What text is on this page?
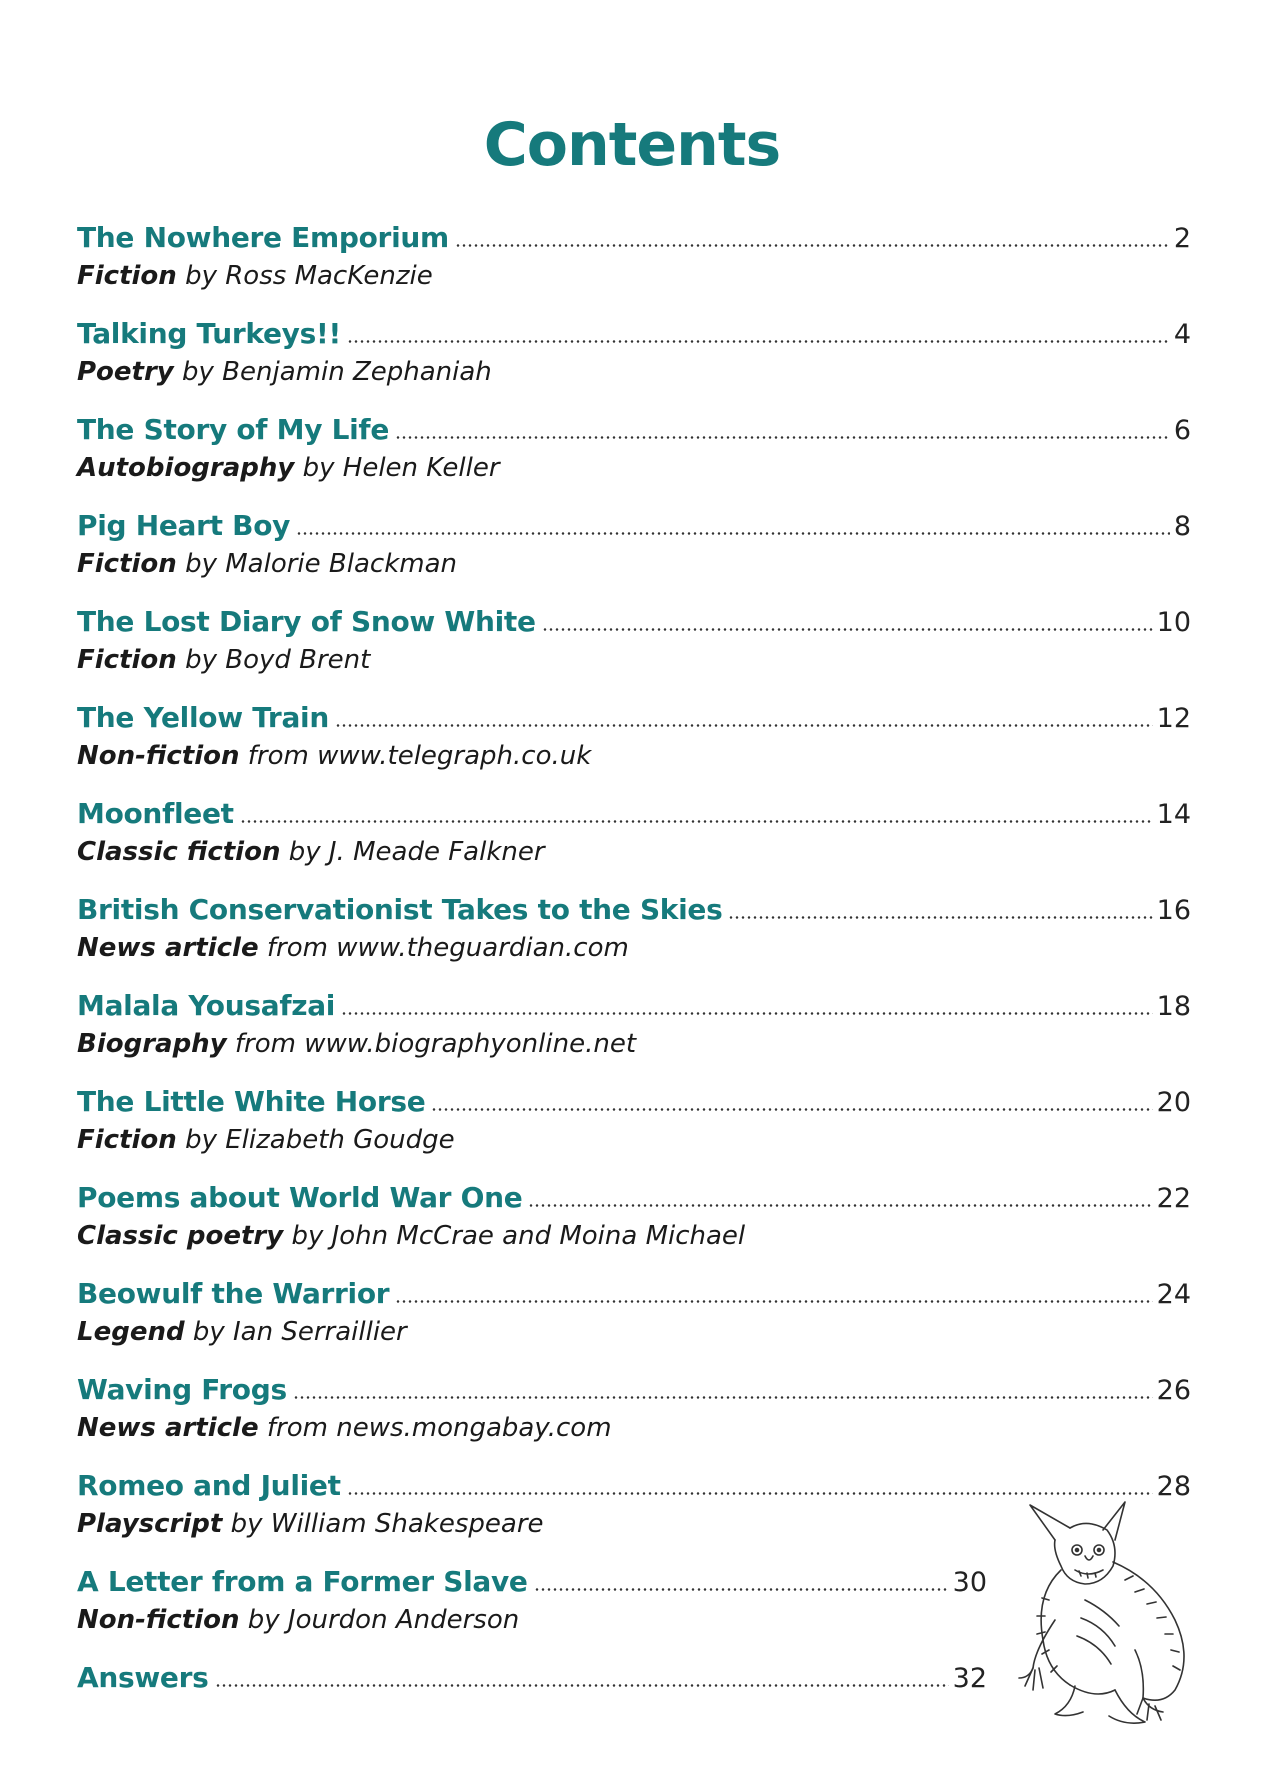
Contents
The Nowhere Emporium	2
Fiction by Ross MacKenzie
Talking Turkeys!!	4
Poetry by Benjamin Zephaniah
The Story of My Life	6
Autobiography by Helen Keller
Pig Heart Boy	8
Fiction by Malorie Blackman
The Lost Diary of Snow White	10
Fiction by Boyd Brent
The Yellow Train	12
Non-fiction from www.telegraph.co.uk
Moonfleet	14
Classic fiction by J. Meade Falkner
British Conservationist Takes to the Skies	16
News article from www.theguardian.com
Malala Yousafzai	18
Biography from www.biographyonline.net
The Little White Horse	20
Fiction by Elizabeth Goudge
Poems about World War One	22
Classic poetry by John McCrae and Moina Michael
Beowulf the Warrior	24
Legend by Ian Serraillier
Waving Frogs	26
News article from news.mongabay.com
Romeo and Juliet	28
Playscript by William Shakespeare
A Letter from a Former Slave	30
Non-fiction by Jourdon Anderson
Answers	32
